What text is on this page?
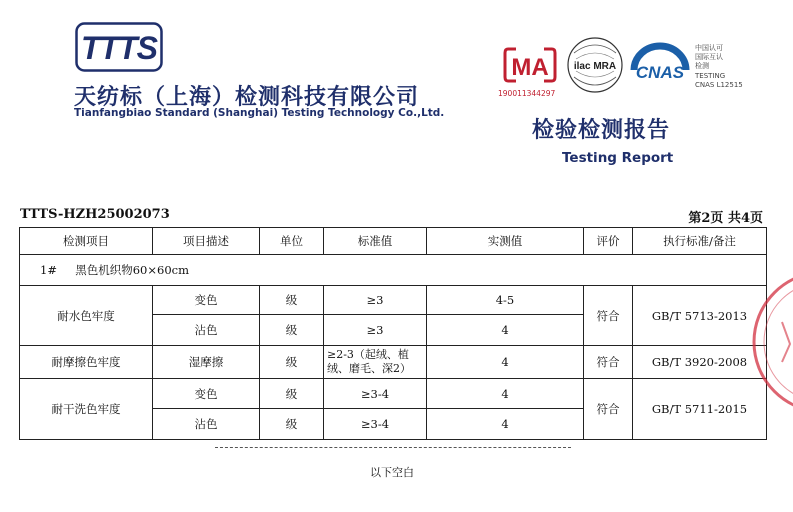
TTTS
天纺标（上海）检测科技有限公司
Tianfangbiao Standard (Shanghai) Testing Technology Co.,Ltd.
MA
190011344297
ilac MRA CNAS
中国认可
国际互认
检测
TESTING
CNAS L12515
检验检测报告
Testing Report
TTTS-HZH25002073	第2页 共4页
检测项目	项目描述	单位	标准值	实测值	评价	执行标准/备注
1#     黑色机织物60×60cm						
耐水色牢度	变色	级	≥3	4-5	符合	GB/T 5713-2013
	沾色	级	≥3	4		
耐摩擦色牢度	湿摩擦	级	≥2-3（起绒、植绒、磨毛、深2）	4	符合	GB/T 3920-2008
耐干洗色牢度	变色	级	≥3-4	4	符合	GB/T 5711-2015
	沾色	级	≥3-4	4		
以下空白
